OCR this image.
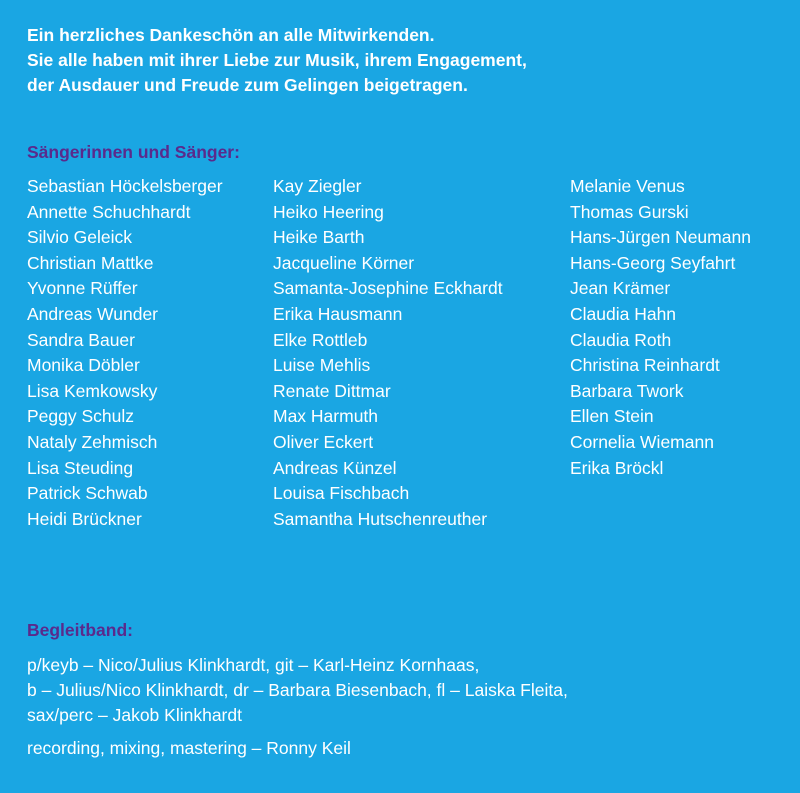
Ein herzliches Dankeschön an alle Mitwirkenden.
Sie alle haben mit ihrer Liebe zur Musik, ihrem Engagement,
der Ausdauer und Freude zum Gelingen beigetragen.
Sängerinnen und Sänger:
Sebastian Höckelsberger
Annette Schuchhardt
Silvio Geleick
Christian Mattke
Yvonne Rüffer
Andreas Wunder
Sandra Bauer
Monika Döbler
Lisa Kemkowsky
Peggy Schulz
Nataly Zehmisch
Lisa Steuding
Patrick Schwab
Heidi Brückner
Kay Ziegler
Heiko Heering
Heike Barth
Jacqueline Körner
Samanta-Josephine Eckhardt
Erika Hausmann
Elke Rottleb
Luise Mehlis
Renate Dittmar
Max Harmuth
Oliver Eckert
Andreas Künzel
Louisa Fischbach
Samantha Hutschenreuther
Melanie Venus
Thomas Gurski
Hans-Jürgen Neumann
Hans-Georg Seyfahrt
Jean Krämer
Claudia Hahn
Claudia Roth
Christina Reinhardt
Barbara Twork
Ellen Stein
Cornelia Wiemann
Erika Bröckl
Begleitband:
p/keyb – Nico/Julius Klinkhardt, git – Karl-Heinz Kornhaas,
b – Julius/Nico Klinkhardt, dr – Barbara Biesenbach, fl – Laiska Fleita,
sax/perc – Jakob Klinkhardt
recording, mixing, mastering – Ronny Keil
